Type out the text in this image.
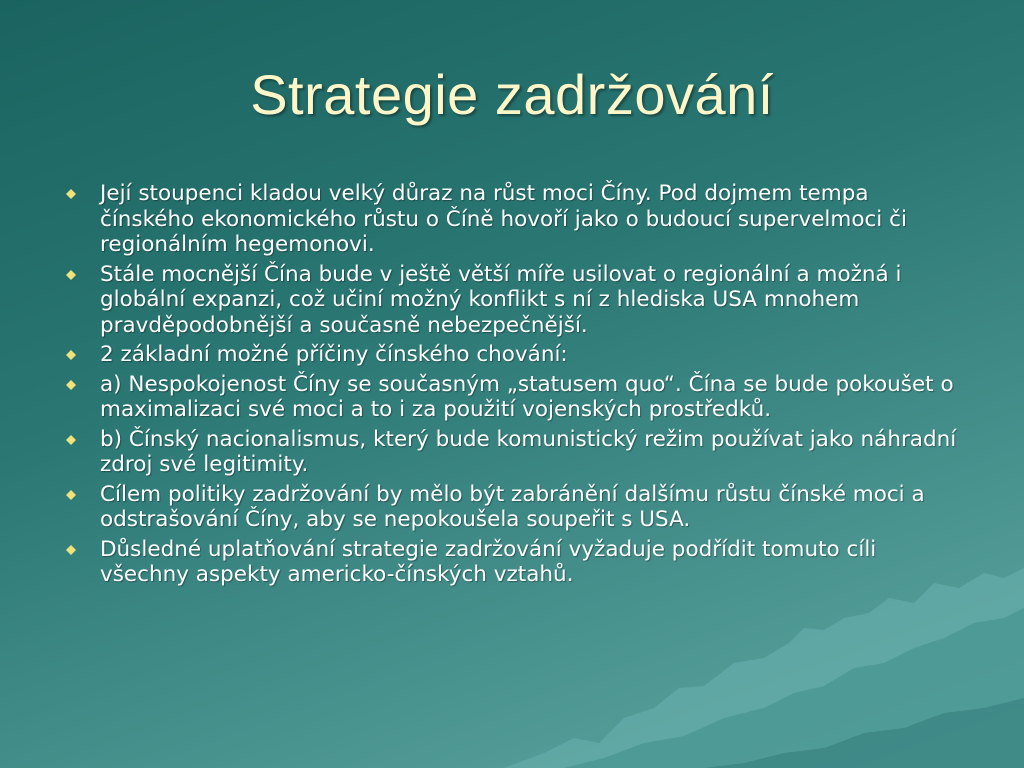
Strategie zadržování
Její stoupenci kladou velký důraz na růst moci Číny. Pod dojmem tempa čínského ekonomického růstu o Číně hovoří jako o budoucí supervelmoci či regionálním hegemonovi.
Stále mocnější Čína bude v ještě větší míře usilovat o regionální a možná i globální expanzi, což učiní možný konflikt s ní z hlediska USA mnohem pravděpodobnější a současně nebezpečnější.
2 základní možné příčiny čínského chování:
a) Nespokojenost Číny se současným „statusem quo“. Čína se bude pokoušet o maximalizaci své moci a to i za použití vojenských prostředků.
b) Čínský nacionalismus, který bude komunistický režim používat jako náhradní zdroj své legitimity.
Cílem politiky zadržování by mělo být zabránění dalšímu růstu čínské moci a odstrašování Číny, aby se nepokoušela soupeřit s USA.
Důsledné uplatňování strategie zadržování vyžaduje podřídit tomuto cíli všechny aspekty americko-čínských vztahů.
